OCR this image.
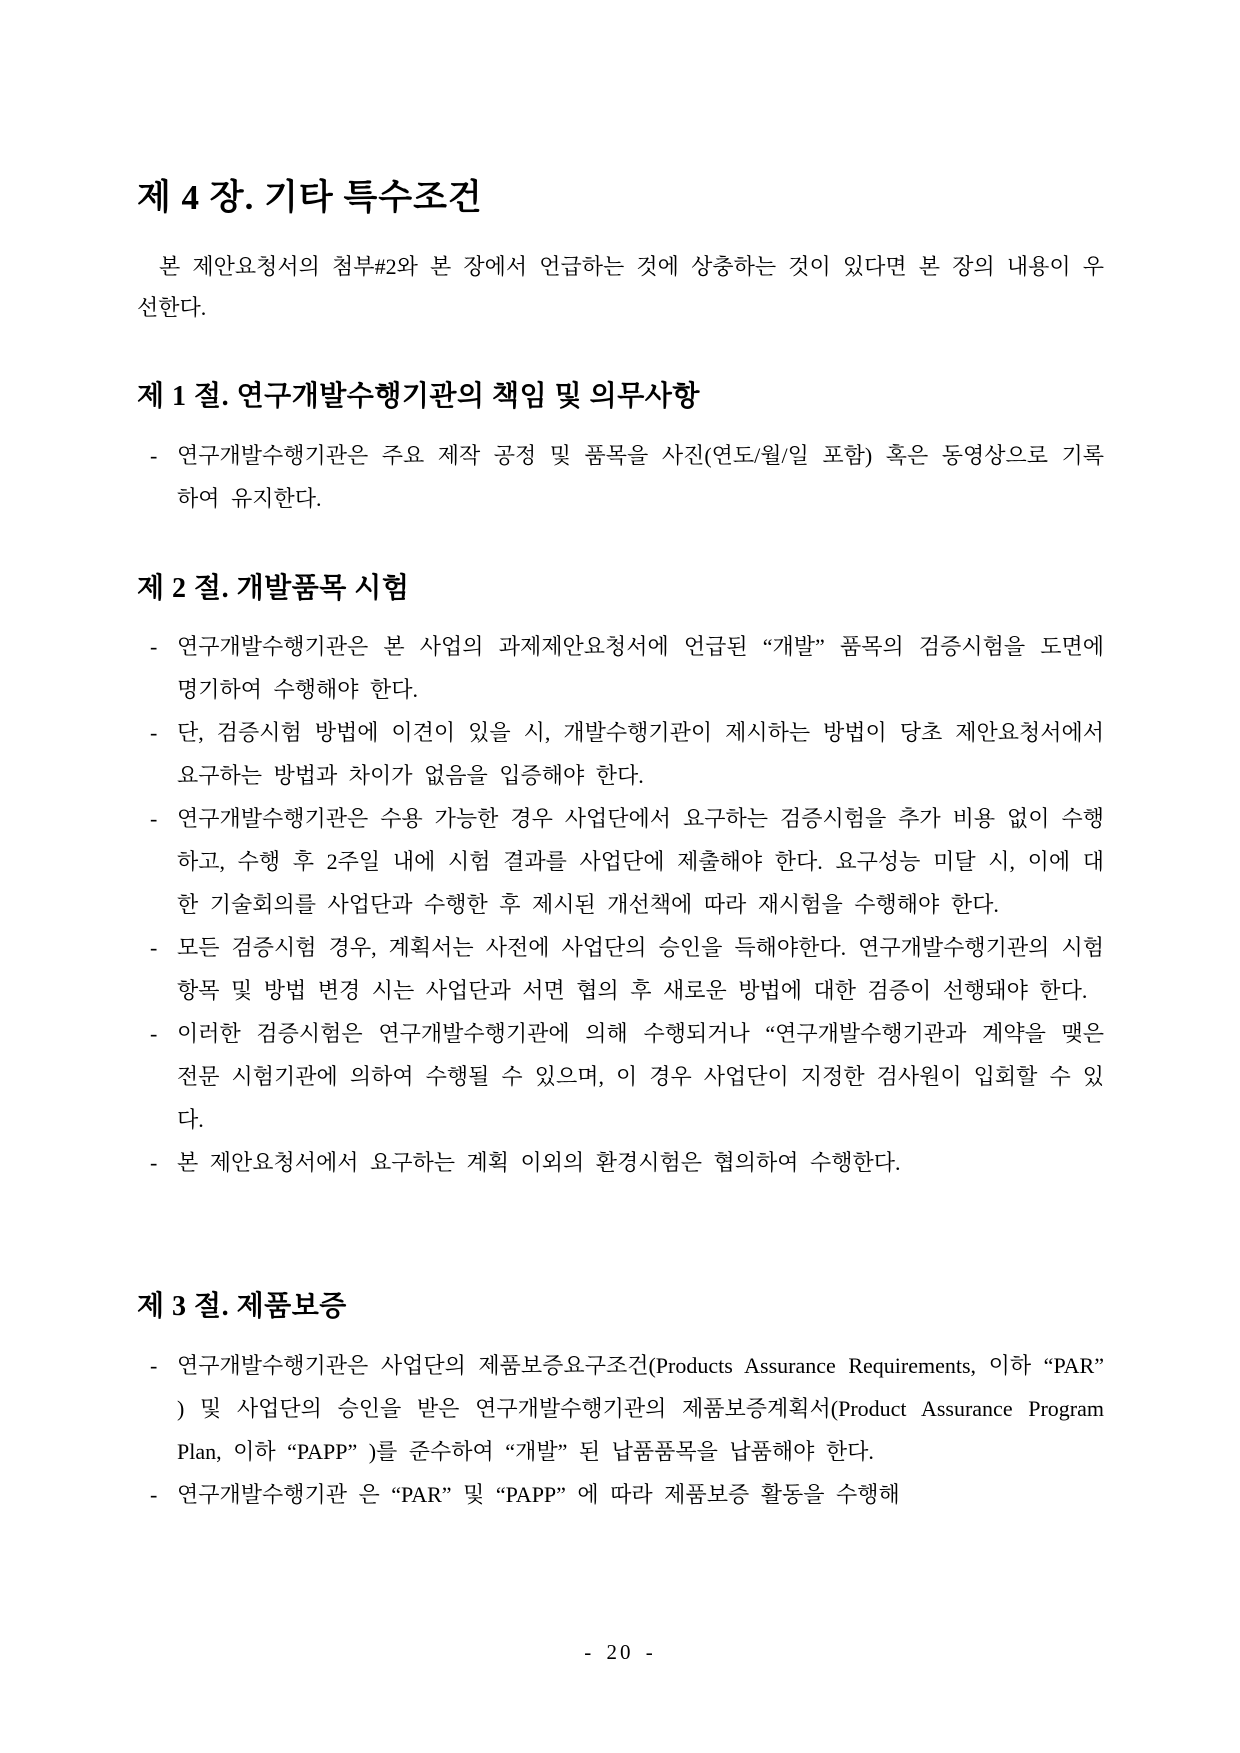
제 4 장. 기타 특수조건

본 제안요청서의 첨부#2와 본 장에서 언급하는 것에 상충하는 것이 있다면 본 장의 내용이 우선한다.

제 1 절. 연구개발수행기관의 책임 및 의무사항
- 연구개발수행기관은 주요 제작 공정 및 품목을 사진(연도/월/일 포함) 혹은 동영상으로 기록하여 유지한다.
제 2 절. 개발품목 시험
- 연구개발수행기관은 본 사업의 과제제안요청서에 언급된 “개발” 품목의 검증시험을 도면에 명기하여 수행해야 한다.
- 단, 검증시험 방법에 이견이 있을 시, 개발수행기관이 제시하는 방법이 당초 제안요청서에서 요구하는 방법과 차이가 없음을 입증해야 한다.
- 연구개발수행기관은 수용 가능한 경우 사업단에서 요구하는 검증시험을 추가 비용 없이 수행하고, 수행 후 2주일 내에 시험 결과를 사업단에 제출해야 한다. 요구성능 미달 시, 이에 대한 기술회의를 사업단과 수행한 후 제시된 개선책에 따라 재시험을 수행해야 한다.
- 모든 검증시험 경우, 계획서는 사전에 사업단의 승인을 득해야한다. 연구개발수행기관의 시험 항목 및 방법 변경 시는 사업단과 서면 협의 후 새로운 방법에 대한 검증이 선행돼야 한다.
- 이러한 검증시험은 연구개발수행기관에 의해 수행되거나 “연구개발수행기관과 계약을 맺은 전문 시험기관에 의하여 수행될 수 있으며, 이 경우 사업단이 지정한 검사원이 입회할 수 있다.
- 본 제안요청서에서 요구하는 계획 이외의 환경시험은 협의하여 수행한다.
제 3 절. 제품보증
- 연구개발수행기관은 사업단의 제품보증요구조건(Products Assurance Requirements, 이하 “PAR” ) 및 사업단의 승인을 받은 연구개발수행기관의 제품보증계획서(Product Assurance Program Plan, 이하 “PAPP” )를 준수하여 “개발” 된 납품품목을 납품해야 한다.
- 연구개발수행기관 은 “PAR” 및 “PAPP” 에 따라 제품보증 활동을 수행해
- 20 -
